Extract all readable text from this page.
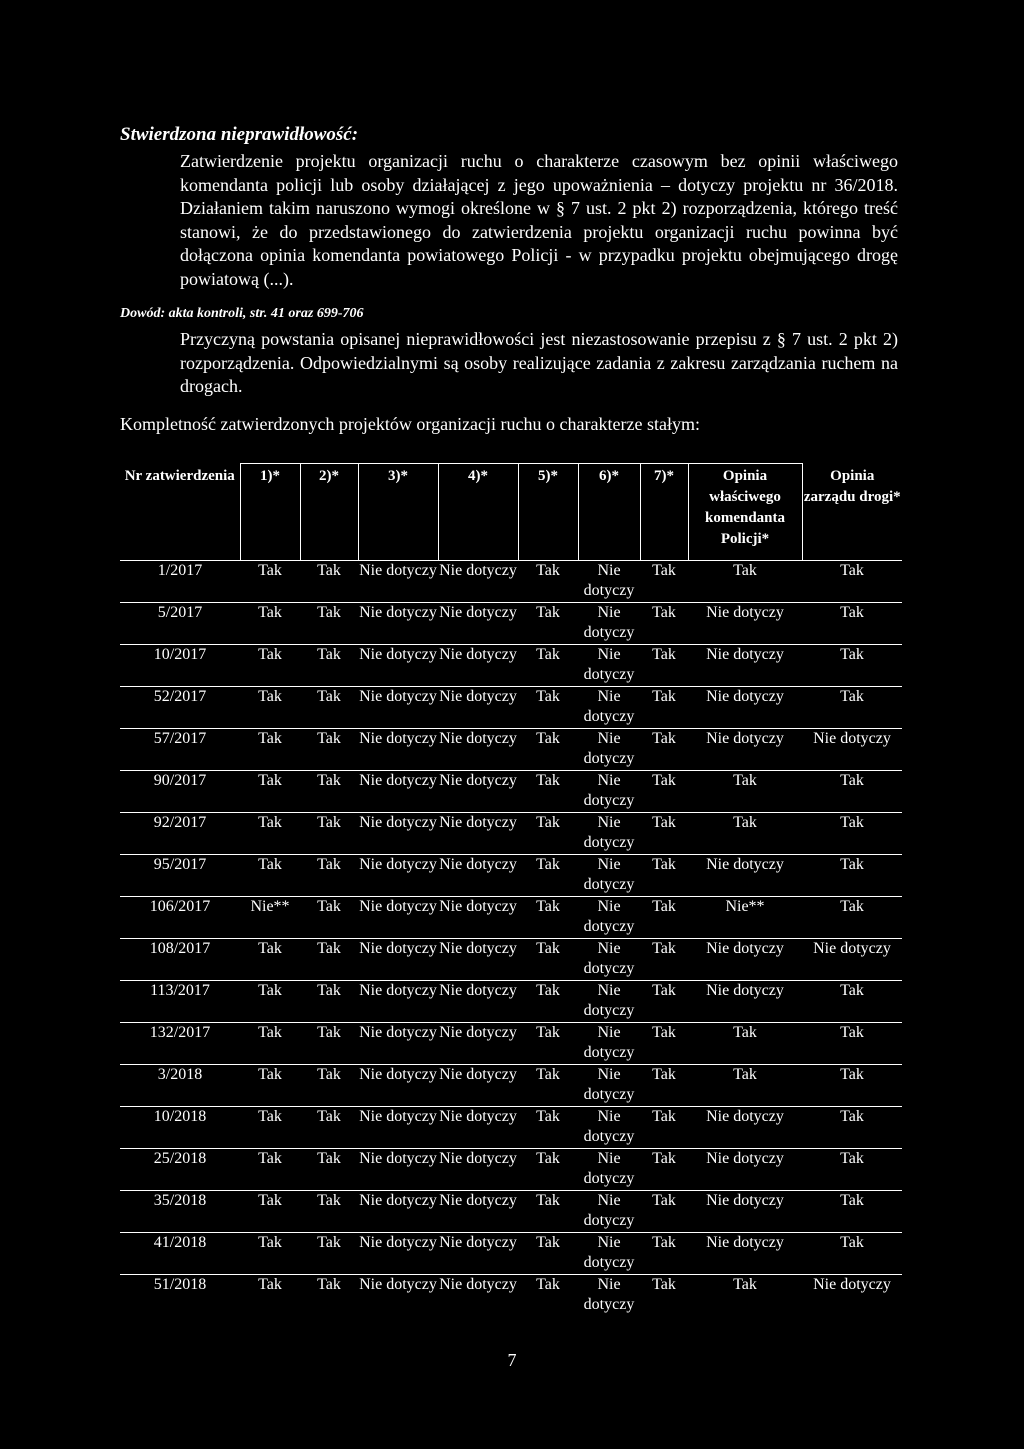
Stwierdzona nieprawidłowość:
Zatwierdzenie projektu organizacji ruchu o charakterze czasowym bez opinii właściwego komendanta policji lub osoby działającej z jego upoważnienia – dotyczy projektu nr 36/2018. Działaniem takim naruszono wymogi określone w § 7 ust. 2 pkt 2) rozporządzenia, którego treść stanowi, że do przedstawionego do zatwierdzenia projektu organizacji ruchu powinna być dołączona opinia komendanta powiatowego Policji - w przypadku projektu obejmującego drogę powiatową (...).
Dowód: akta kontroli, str. 41 oraz 699-706
Przyczyną powstania opisanej nieprawidłowości jest niezastosowanie przepisu z § 7 ust. 2 pkt 2) rozporządzenia. Odpowiedzialnymi są osoby realizujące zadania z zakresu zarządzania ruchem na drogach.
Kompletność zatwierdzonych projektów organizacji ruchu o charakterze stałym:
Nr zatwierdzenia	1)*	2)*	3)*	4)*	5)*	6)*	7)*	Opinia właściwego komendanta Policji*	Opinia zarządu drogi*
1/2017	Tak	Tak	Nie dotyczy	Nie dotyczy	Tak	Nie dotyczy	Tak	Tak	Tak
5/2017	Tak	Tak	Nie dotyczy	Nie dotyczy	Tak	Nie dotyczy	Tak	Nie dotyczy	Tak
10/2017	Tak	Tak	Nie dotyczy	Nie dotyczy	Tak	Nie dotyczy	Tak	Nie dotyczy	Tak
52/2017	Tak	Tak	Nie dotyczy	Nie dotyczy	Tak	Nie dotyczy	Tak	Nie dotyczy	Tak
57/2017	Tak	Tak	Nie dotyczy	Nie dotyczy	Tak	Nie dotyczy	Tak	Nie dotyczy	Nie dotyczy
90/2017	Tak	Tak	Nie dotyczy	Nie dotyczy	Tak	Nie dotyczy	Tak	Tak	Tak
92/2017	Tak	Tak	Nie dotyczy	Nie dotyczy	Tak	Nie dotyczy	Tak	Tak	Tak
95/2017	Tak	Tak	Nie dotyczy	Nie dotyczy	Tak	Nie dotyczy	Tak	Nie dotyczy	Tak
106/2017	Nie**	Tak	Nie dotyczy	Nie dotyczy	Tak	Nie dotyczy	Tak	Nie**	Tak
108/2017	Tak	Tak	Nie dotyczy	Nie dotyczy	Tak	Nie dotyczy	Tak	Nie dotyczy	Nie dotyczy
113/2017	Tak	Tak	Nie dotyczy	Nie dotyczy	Tak	Nie dotyczy	Tak	Nie dotyczy	Tak
132/2017	Tak	Tak	Nie dotyczy	Nie dotyczy	Tak	Nie dotyczy	Tak	Tak	Tak
3/2018	Tak	Tak	Nie dotyczy	Nie dotyczy	Tak	Nie dotyczy	Tak	Tak	Tak
10/2018	Tak	Tak	Nie dotyczy	Nie dotyczy	Tak	Nie dotyczy	Tak	Nie dotyczy	Tak
25/2018	Tak	Tak	Nie dotyczy	Nie dotyczy	Tak	Nie dotyczy	Tak	Nie dotyczy	Tak
35/2018	Tak	Tak	Nie dotyczy	Nie dotyczy	Tak	Nie dotyczy	Tak	Nie dotyczy	Tak
41/2018	Tak	Tak	Nie dotyczy	Nie dotyczy	Tak	Nie dotyczy	Tak	Nie dotyczy	Tak
51/2018	Tak	Tak	Nie dotyczy	Nie dotyczy	Tak	Nie dotyczy	Tak	Tak	Nie dotyczy
7
